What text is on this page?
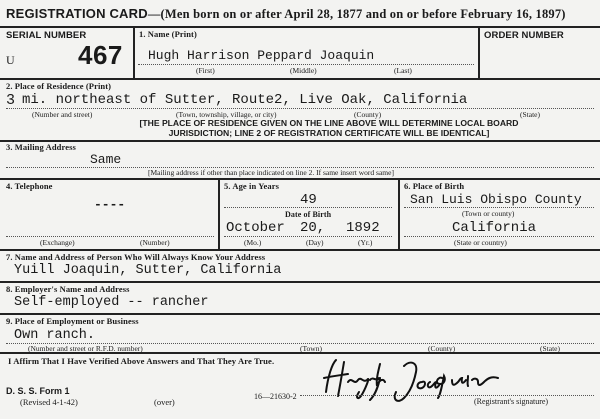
REGISTRATION CARD—(Men born on or after April 28, 1877 and on or before February 16, 1897)
SERIAL NUMBER
U 467
1. Name (Print)
Hugh Harrison Peppard Joaquin
(First)	(Middle)	(Last)
ORDER NUMBER
2. Place of Residence (Print)
3 mi. northeast of Sutter, Route2, Live Oak, California
(Number and street)	(Town, township, village, or city)	(County)	(State)
[THE PLACE OF RESIDENCE GIVEN ON THE LINE ABOVE WILL DETERMINE LOCAL BOARD
JURISDICTION; LINE 2 OF REGISTRATION CERTIFICATE WILL BE IDENTICAL]
3. Mailing Address
Same
[Mailing address if other than place indicated on line 2. If same insert word same]
4. Telephone
----
(Exchange)	(Number)
5. Age in Years
49
Date of Birth
October 20, 1892
(Mo.)	(Day)	(Yr.)
6. Place of Birth
San Luis Obispo County
(Town or county)
California
(State or country)
7. Name and Address of Person Who Will Always Know Your Address
Yuill Joaquin, Sutter, California
8. Employer's Name and Address
Self-employed -- rancher
9. Place of Employment or Business
Own ranch.
(Number and street or R.F.D. number)	(Town)	(County)	(State)
I Affirm That I Have Verified Above Answers and That They Are True.
(Registrant's signature)
D. S. S. Form 1
(Revised 4-1-42)	(over)
16—21630-2
